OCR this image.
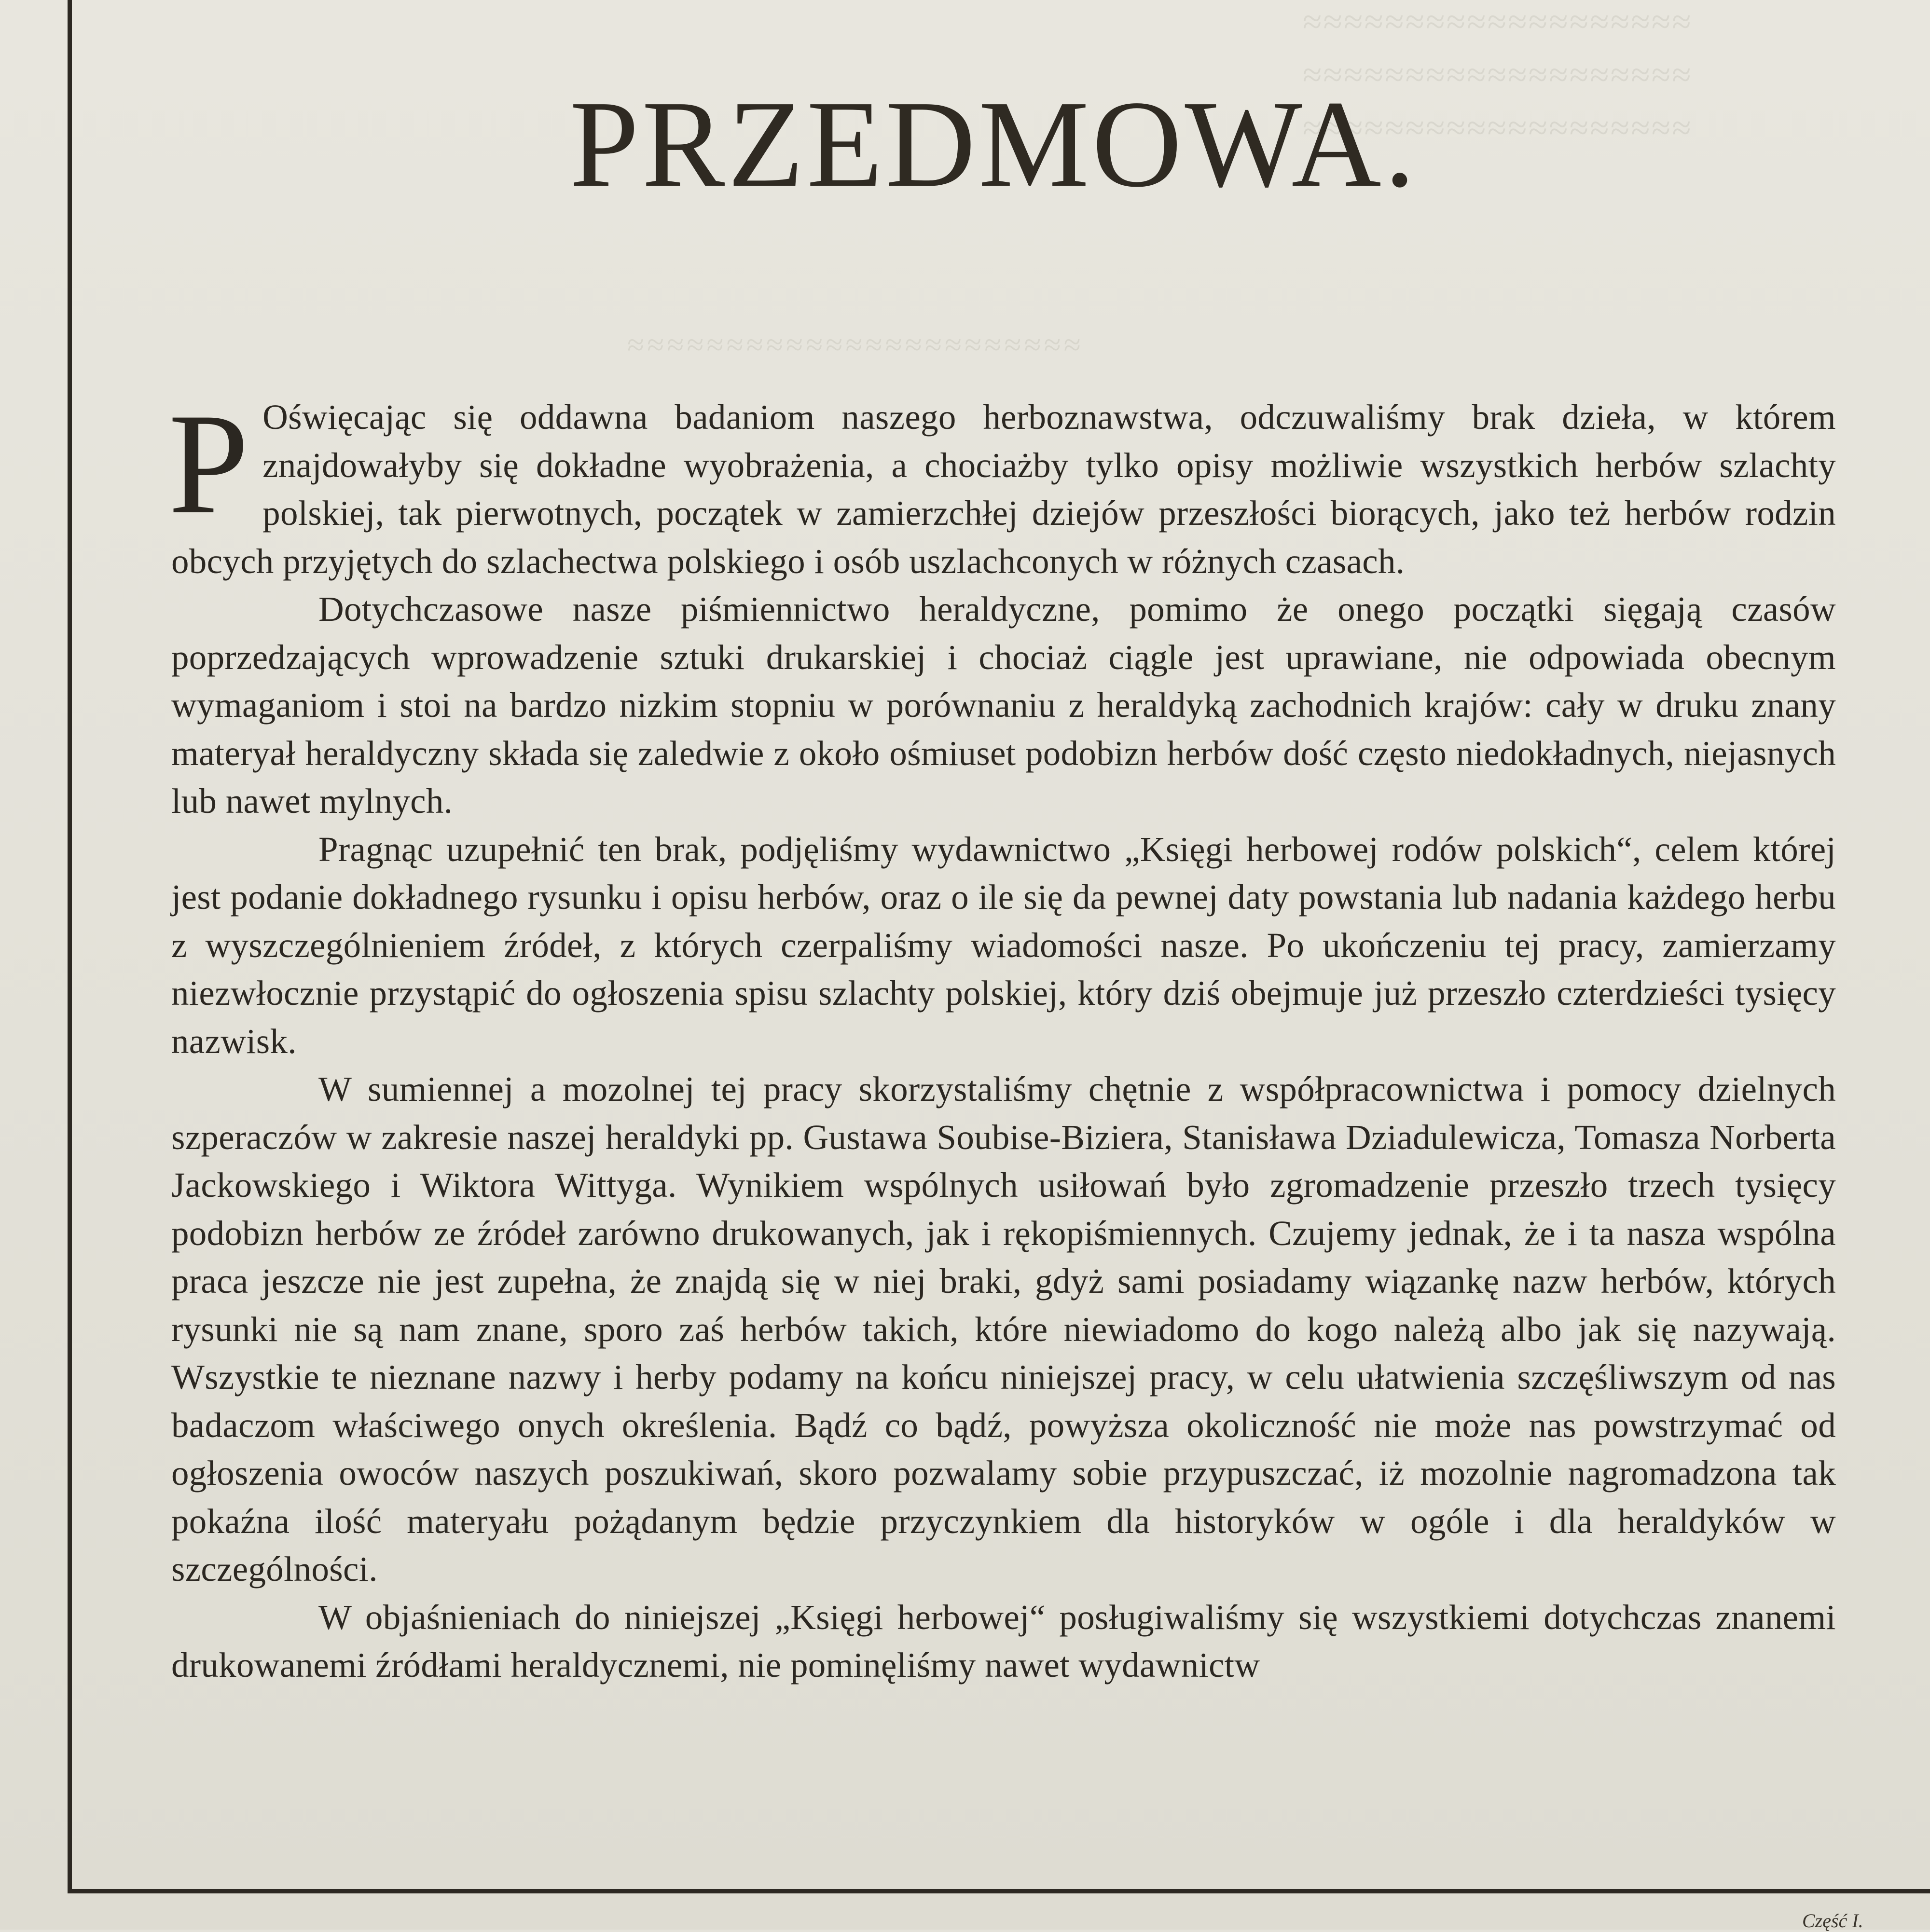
≈≈≈≈≈≈≈≈≈≈≈≈≈≈≈≈≈≈≈
≈≈≈≈≈≈≈≈≈≈≈≈≈≈≈≈≈≈≈
≈≈≈≈≈≈≈≈≈≈≈≈≈≈≈≈≈≈≈
≈≈≈≈≈≈≈≈≈≈≈≈≈≈≈≈≈≈≈≈≈≈≈
PRZEDMOWA.

P Oświęcając się oddawna badaniom naszego herboznawstwa, odczuwaliśmy brak dzieła, w którem znajdowałyby się dokładne wyobrażenia, a chociażby tylko opisy możliwie wszystkich herbów szlachty polskiej, tak pierwotnych, początek w zamierzchłej dziejów przeszłości biorących, jako też herbów rodzin obcych przyjętych do szlachectwa polskiego i osób uszlachconych w różnych czasach.

Dotychczasowe nasze piśmiennictwo heraldyczne, pomimo że onego początki sięgają czasów poprzedzających wprowadzenie sztuki drukarskiej i chociaż ciągle jest uprawiane, nie odpowiada obecnym wymaganiom i stoi na bardzo nizkim stopniu w porównaniu z heraldyką zachodnich krajów: cały w druku znany materyał heraldyczny składa się zaledwie z około ośmiuset podobizn herbów dość często niedokładnych, niejasnych lub nawet mylnych.

Pragnąc uzupełnić ten brak, podjęliśmy wydawnictwo „Księgi herbowej rodów polskich“, celem której jest podanie dokładnego rysunku i opisu herbów, oraz o ile się da pewnej daty powstania lub nadania każdego herbu z wyszczególnieniem źródeł, z których czerpaliśmy wiadomości nasze. Po ukończeniu tej pracy, zamierzamy niezwłocznie przystąpić do ogłoszenia spisu szlachty polskiej, który dziś obejmuje już przeszło czterdzieści tysięcy nazwisk.

W sumiennej a mozolnej tej pracy skorzystaliśmy chętnie z współpracownictwa i pomocy dzielnych szperaczów w zakresie naszej heraldyki pp. Gustawa Soubise-Biziera, Stanisława Dziadulewicza, Tomasza Norberta Jackowskiego i Wiktora Wittyga. Wynikiem wspólnych usiłowań było zgromadzenie przeszło trzech tysięcy podobizn herbów ze źródeł zarówno drukowanych, jak i rękopiśmiennych. Czujemy jednak, że i ta nasza wspólna praca jeszcze nie jest zupełna, że znajdą się w niej braki, gdyż sami posiadamy wiązankę nazw herbów, których rysunki nie są nam znane, sporo zaś herbów takich, które niewiadomo do kogo należą albo jak się nazywają. Wszystkie te nieznane nazwy i herby podamy na końcu niniejszej pracy, w celu ułatwienia szczęśliwszym od nas badaczom właściwego onych określenia. Bądź co bądź, powyższa okoliczność nie może nas powstrzymać od ogłoszenia owoców naszych poszukiwań, skoro pozwalamy sobie przypuszczać, iż mozolnie nagromadzona tak pokaźna ilość materyału pożądanym będzie przyczynkiem dla historyków w ogóle i dla heraldyków w szczególności.

W objaśnieniach do niniejszej „Księgi herbowej“ posługiwaliśmy się wszystkiemi dotychczas znanemi drukowanemi źródłami heraldycznemi, nie pominęliśmy nawet wydawnictw

Część I.
